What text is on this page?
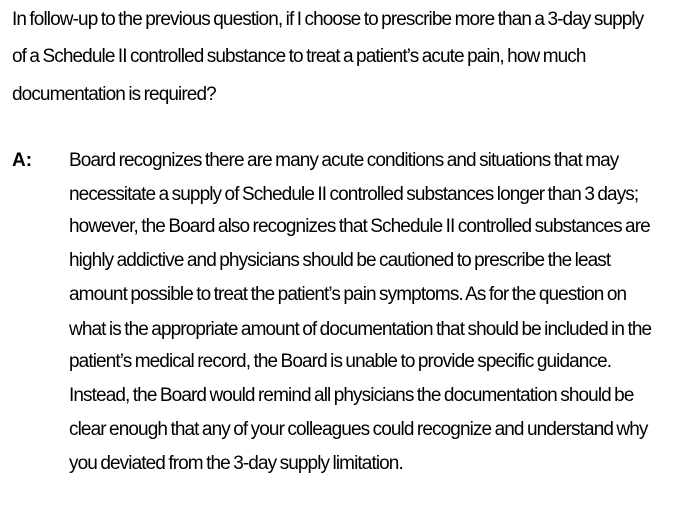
In follow-up to the previous question, if I choose to prescribe more than a 3-day supply
of a Schedule II controlled substance to treat a patient’s acute pain, how much
documentation is required?
A: Board recognizes there are many acute conditions and situations that may
necessitate a supply of Schedule II controlled substances longer than 3 days;
however, the Board also recognizes that Schedule II controlled substances are
highly addictive and physicians should be cautioned to prescribe the least
amount possible to treat the patient’s pain symptoms. As for the question on
what is the appropriate amount of documentation that should be included in the
patient’s medical record, the Board is unable to provide specific guidance.
Instead, the Board would remind all physicians the documentation should be
clear enough that any of your colleagues could recognize and understand why
you deviated from the 3-day supply limitation.
